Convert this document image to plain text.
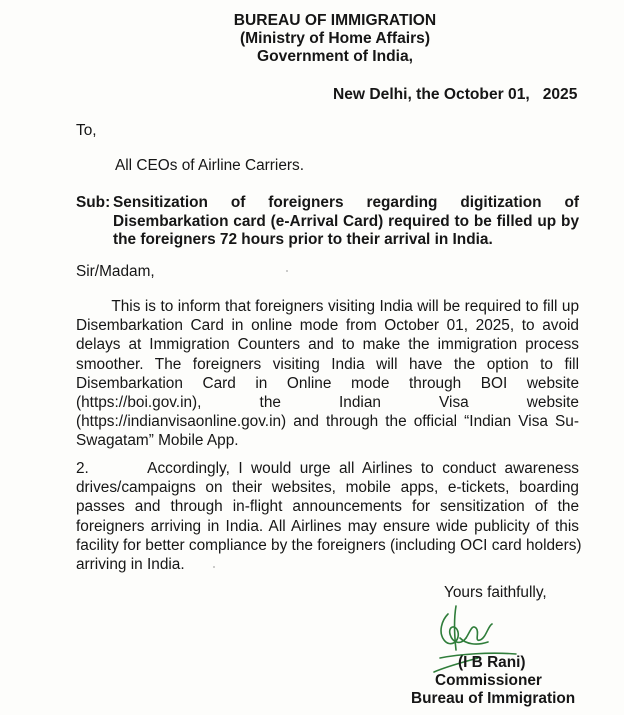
BUREAU OF IMMIGRATION
(Ministry of Home Affairs)
Government of India,
New Delhi, the October 01,   2025
To,
All CEOs of Airline Carriers.
Sub: Sensitization of foreigners regarding digitization of
Disembarkation card (e-Arrival Card) required to be filled up by
the foreigners 72 hours prior to their arrival in India.
Sir/Madam,
This is to inform that foreigners visiting India will be required to fill up
Disembarkation Card in online mode from October 01, 2025, to avoid
delays at Immigration Counters and to make the immigration process
smoother. The foreigners visiting India will have the option to fill
Disembarkation Card in Online mode through BOI website
(https://boi.gov.in), the Indian Visa website
(https://indianvisaonline.gov.in) and through the official “Indian Visa Su-
Swagatam” Mobile App.
2.       Accordingly, I would urge all Airlines to conduct awareness
drives/campaigns on their websites, mobile apps, e-tickets, boarding
passes and through in-flight announcements for sensitization of the
foreigners arriving in India. All Airlines may ensure wide publicity of this
facility for better compliance by the foreigners (including OCI card holders)
arriving in India.
Yours faithfully,
(I B Rani)
Commissioner
Bureau of Immigration
